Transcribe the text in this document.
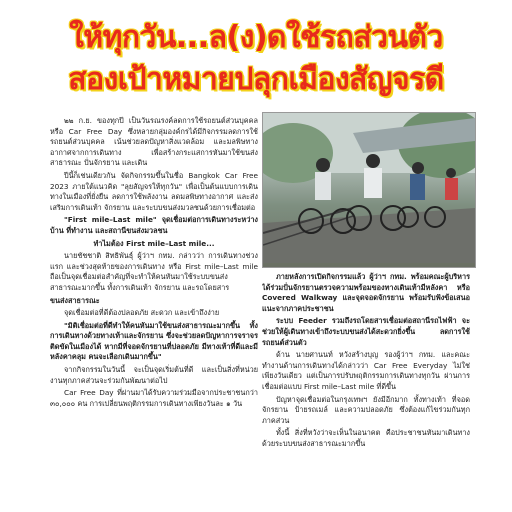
ให้ทุกวัน...ล(ง)ดใช้รถส่วนตัว
สองเป้าหมายปลุกเมืองสัญจรดี

๒๒ ก.ย. ของทุกปี เป็นวันรณรงค์ลดการใช้รถยนต์ส่วนบุคคล หรือ Car Free Day ซึ่งหลายกลุ่มองค์กรได้มีกิจกรรมลดการใช้รถยนต์ส่วนบุคคล เน้นช่วยลดปัญหาสิ่งแวดล้อม และมลพิษทางอากาศจากการเดินทาง เพื่อสร้างกระแสการหันมาใช้ขนส่งสาธารณะ ปั่นจักรยาน และเดิน

ปีนี้ก็เช่นเดียวกัน จัดกิจกรรมขึ้นในชื่อ Bangkok Car Free 2023 ภายใต้แนวคิด "ลุยสัญจรให้ทุกวัน" เพื่อเป็นต้นแบบการเดินทางในเมืองที่ยั่งยืน ลดการใช้พลังงาน ลดมลพิษทางอากาศ และส่งเสริมการเดินเท้า จักรยาน และระบบขนส่งมวลชนด้วยการเชื่อมต่อ

"First mile–Last mile" จุดเชื่อมต่อการเดินทางระหว่างบ้าน ที่ทำงาน และสถานีขนส่งมวลชน

ทำไมต้อง First mile–Last mile...

นายชัชชาติ สิทธิพันธุ์ ผู้ว่าฯ กทม. กล่าวว่า การเดินทางช่วงแรก และช่วงสุดท้ายของการเดินทาง หรือ First mile–Last mile ถือเป็นจุดเชื่อมต่อสำคัญที่จะทำให้คนหันมาใช้ระบบขนส่งสาธารณะมากขึ้น ทั้งการเดินเท้า จักรยาน และรถโดยสาร

ขนส่งสาธารณะ

จุดเชื่อมต่อที่ดีต้องปลอดภัย สะดวก และเข้าถึงง่าย

"มิติเชื่อมต่อที่ดีทำให้คนหันมาใช้ขนส่งสาธารณะมากขึ้น ทั้งการเดินทางด้วยทางเท้าและจักรยาน ซึ่งจะช่วยลดปัญหาการจราจรติดขัดในเมืองได้ หากมีที่จอดจักรยานที่ปลอดภัย มีทางเท้าที่ดีและมีหลังคาคลุม คนจะเลือกเดินมากขึ้น"

จากกิจกรรมในวันนี้ จะเป็นจุดเริ่มต้นที่ดี และเป็นสิ่งที่หน่วยงานทุกภาคส่วนจะร่วมกันพัฒนาต่อไป

Car Free Day ที่ผ่านมาได้รับความร่วมมือจากประชาชนกว่า ๓๐,๐๐๐ คน การเปลี่ยนพฤติกรรมการเดินทางเพียงวันละ ๑ วัน

ภายหลังการเปิดกิจกรรมแล้ว ผู้ว่าฯ กทม. พร้อมคณะผู้บริหารได้ร่วมปั่นจักรยานตรวจความพร้อมของทางเดินเท้ามีหลังคา หรือ Covered Walkway และจุดจอดจักรยาน พร้อมรับฟังข้อเสนอแนะจากภาคประชาชน

ระบบ Feeder รวมถึงรถโดยสารเชื่อมต่อสถานีรถไฟฟ้า จะช่วยให้ผู้เดินทางเข้าถึงระบบขนส่งได้สะดวกยิ่งขึ้น ลดการใช้รถยนต์ส่วนตัว

ด้าน นายศานนท์ หวังสร้างบุญ รองผู้ว่าฯ กทม. และคณะทำงานด้านการเดินทางได้กล่าวว่า Car Free Everyday ไม่ใช่เพียงวันเดียว แต่เป็นการปรับพฤติกรรมการเดินทางทุกวัน ผ่านการเชื่อมต่อแบบ First mile–Last mile ที่ดีขึ้น

ปัญหาจุดเชื่อมต่อในกรุงเทพฯ ยังมีอีกมาก ทั้งทางเท้า ที่จอดจักรยาน ป้ายรถเมล์ และความปลอดภัย ซึ่งต้องแก้ไขร่วมกันทุกภาคส่วน

ทั้งนี้ สิ่งที่หวังว่าจะเห็นในอนาคต คือประชาชนหันมาเดินทางด้วยระบบขนส่งสาธารณะมากขึ้น
